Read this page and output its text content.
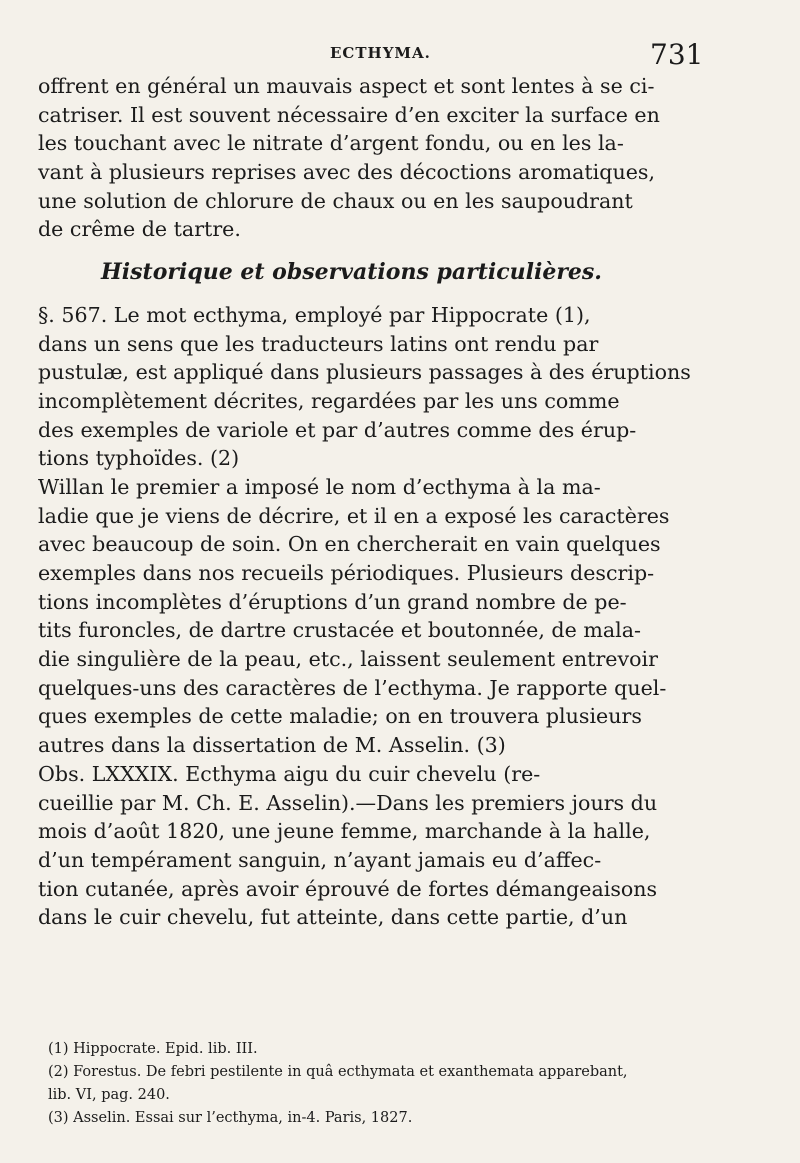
ECTHYMA.	731
offrent en général un mauvais aspect et sont lentes à se ci-
catriser. Il est souvent nécessaire d’en exciter la surface en
les touchant avec le nitrate d’argent fondu, ou en les la-
vant à plusieurs reprises avec des décoctions aromatiques,
une solution de chlorure de chaux ou en les saupoudrant
de crême de tartre.
Historique et observations particulières.
§. 567. Le mot ecthyma, employé par Hippocrate (1),
dans un sens que les traducteurs latins ont rendu par
pustulæ, est appliqué dans plusieurs passages à des éruptions
incomplètement décrites, regardées par les uns comme
des exemples de variole et par d’autres comme des érup-
tions typhoïdes. (2)
Willan le premier a imposé le nom d’ecthyma à la ma-
ladie que je viens de décrire, et il en a exposé les caractères
avec beaucoup de soin. On en chercherait en vain quelques
exemples dans nos recueils périodiques. Plusieurs descrip-
tions incomplètes d’éruptions d’un grand nombre de pe-
tits furoncles, de dartre crustacée et boutonnée, de mala-
die singulière de la peau, etc., laissent seulement entrevoir
quelques-uns des caractères de l’ecthyma. Je rapporte quel-
ques exemples de cette maladie; on en trouvera plusieurs
autres dans la dissertation de M. Asselin. (3)
Obs. LXXXIX. Ecthyma aigu du cuir chevelu (re-
cueillie par M. Ch. E. Asselin).—Dans les premiers jours du
mois d’août 1820, une jeune femme, marchande à la halle,
d’un tempérament sanguin, n’ayant jamais eu d’affec-
tion cutanée, après avoir éprouvé de fortes démangeaisons
dans le cuir chevelu, fut atteinte, dans cette partie, d’un
(1) Hippocrate. Epid. lib. III.
(2) Forestus. De febri pestilente in quâ ecthymata et exanthemata apparebant,
lib. VI, pag. 240.
(3) Asselin. Essai sur l’ecthyma, in-4. Paris, 1827.
